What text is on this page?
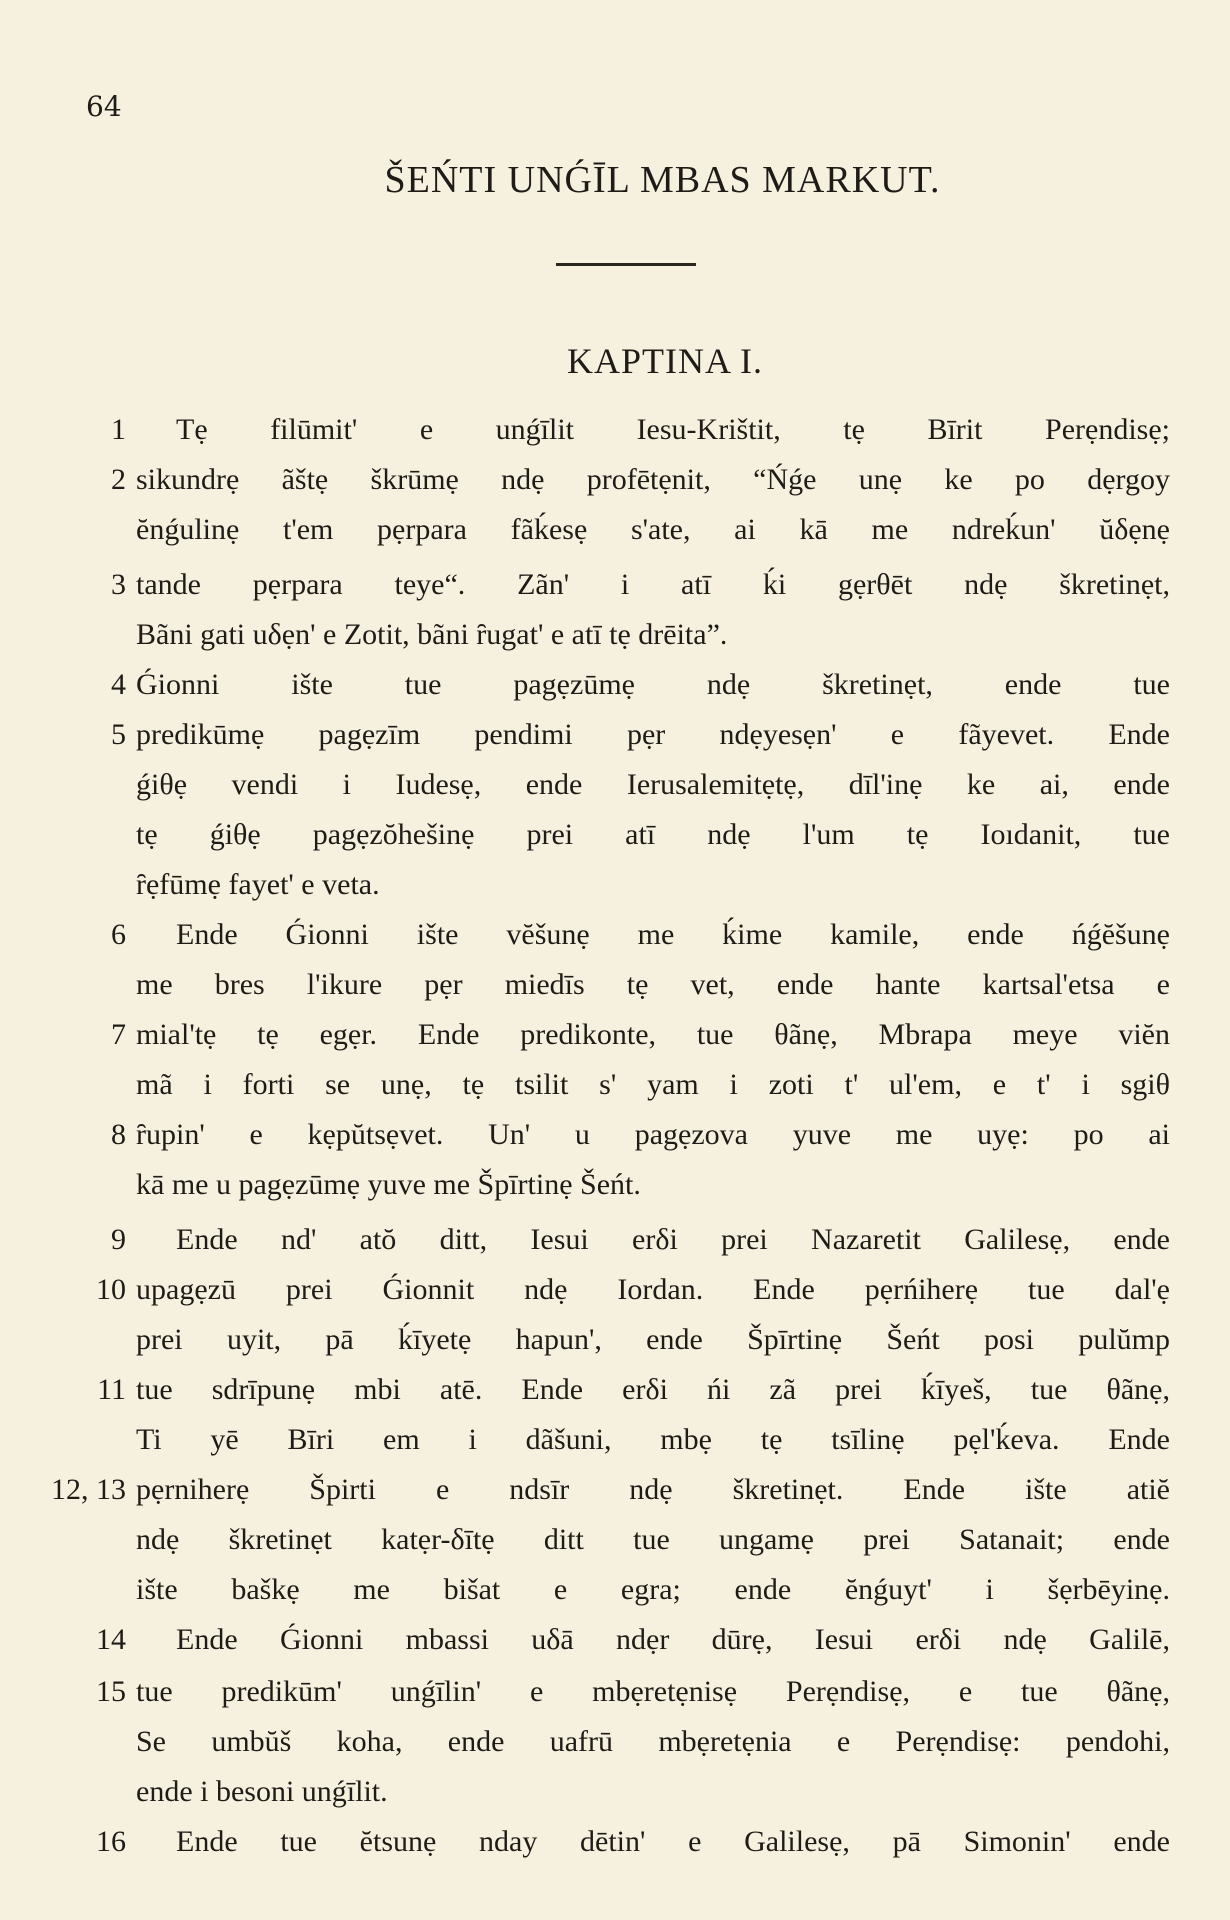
64
ŠEŃTI UNǴĪL MBAS MARKUT.
KAPTINA I.
1 Tẹ filūmit' e unǵīlit Iesu-Krištit, tẹ Bīrit Perẹndisẹ;
2 sikundrẹ ãštẹ škrūmẹ ndẹ profētẹnit, “Ńǵe unẹ ke po dẹrgoy
ĕnǵulinẹ t'em pẹrpara fãḱesẹ s'ate, ai kā me ndreḱun' ŭδẹnẹ
3 tande pẹrpara teye“. Zãn' i atī ḱi gẹrθēt ndẹ škretinẹt,
Bãni gati uδẹn' e Zotit, bãni ȓugat' e atī tẹ drēita”.
4 Ǵionni ište tue pagẹzūmẹ ndẹ škretinẹt, ende tue
5 predikūmẹ pagẹzīm pendimi pẹr ndẹyesẹn' e fãyevet. Ende
ǵiθẹ vendi i Iudesẹ, ende Ierusalemitẹtẹ, dīl'inẹ ke ai, ende
tẹ ǵiθẹ pagẹzŏhešinẹ prei atī ndẹ l'um tẹ Ioıdanit, tue
ȓẹfūmẹ fayet' e veta.
6 Ende Ǵionni ište vĕšunẹ me ḱime kamile, ende ńǵĕšunẹ
me bres l'ikure pẹr miedīs tẹ vet, ende hante kartsal'etsa e
7 mial'tẹ tẹ egẹr. Ende predikonte, tue θãnẹ, Mbrapa meye viĕn
mã i forti se unẹ, tẹ tsilit s' yam i zoti t' ul'em, e t' i sgiθ
8 ȓupin' e kẹpŭtsẹvet. Un' u pagẹzova yuve me uyẹ: po ai
kā me u pagẹzūmẹ yuve me Špīrtinẹ Šeńt.
9 Ende nd' atŏ ditt, Iesui erδi prei Nazaretit Galilesẹ, ende
10 upagẹzū prei Ǵionnit ndẹ Iordan. Ende pẹrńiherẹ tue dal'ẹ
prei uyit, pā ḱīyetẹ hapun', ende Špīrtinẹ Šeńt posi pulŭmp
11 tue sdrīpunẹ mbi atē. Ende erδi ńi zã prei ḱīyeš, tue θãnẹ,
Ti yē Bīri em i dãšuni, mbẹ tẹ tsīlinẹ pẹl'ḱeva. Ende
12, 13 pẹrniherẹ Špirti e ndsīr ndẹ škretinẹt. Ende ište atiĕ
ndẹ škretinẹt katẹr-δītẹ ditt tue ungamẹ prei Satanait; ende
ište baškẹ me bišat e egra; ende ĕnǵuyt' i šẹrbēyinẹ.
14 Ende Ǵionni mbassi uδā ndẹr dūrẹ, Iesui erδi ndẹ Galilē,
15 tue predikūm' unǵīlin' e mbẹretẹnisẹ Perẹndisẹ, e tue θãnẹ,
Se umbŭš koha, ende uafrū mbẹretẹnia e Perẹndisẹ: pendohi,
ende i besoni unǵīlit.
16 Ende tue ĕtsunẹ nday dētin' e Galilesẹ, pā Simonin' ende
